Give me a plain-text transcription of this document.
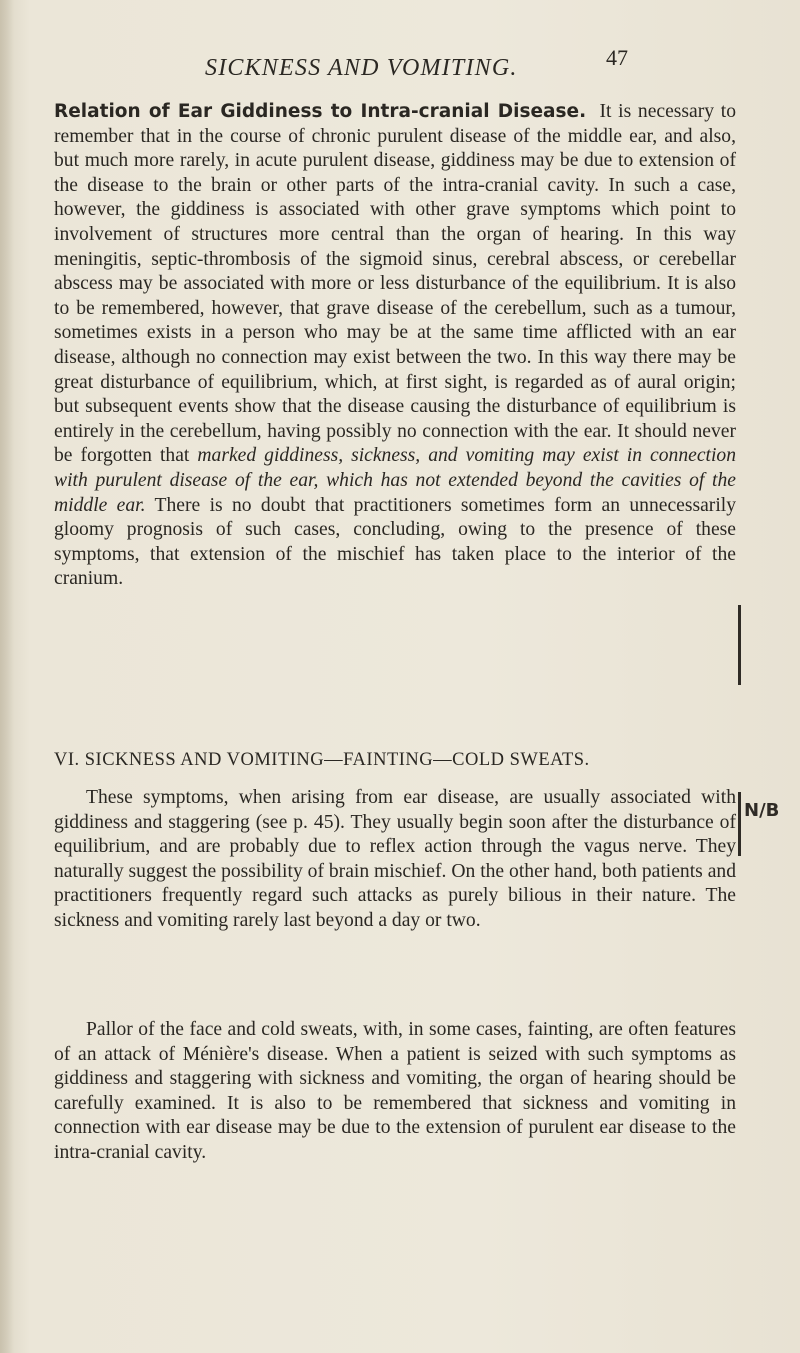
SICKNESS AND VOMITING.	47
Relation of Ear Giddiness to Intra-cranial Disease. It is necessary to remember that in the course of chronic purulent disease of the middle ear, and also, but much more rarely, in acute purulent disease, giddiness may be due to extension of the disease to the brain or other parts of the intra-cranial cavity. In such a case, however, the giddiness is associated with other grave symptoms which point to involvement of structures more central than the organ of hearing. In this way meningitis, septic-thrombosis of the sigmoid sinus, cerebral abscess, or cerebellar abscess may be associated with more or less disturbance of the equilibrium. It is also to be remembered, however, that grave disease of the cerebellum, such as a tumour, sometimes exists in a person who may be at the same time afflicted with an ear disease, although no connection may exist between the two. In this way there may be great disturbance of equilibrium, which, at first sight, is regarded as of aural origin; but subsequent events show that the disease causing the disturbance of equilibrium is entirely in the cerebellum, having possibly no connection with the ear. It should never be forgotten that marked giddiness, sickness, and vomiting may exist in connection with purulent disease of the ear, which has not extended beyond the cavities of the middle ear. There is no doubt that practitioners sometimes form an unnecessarily gloomy prognosis of such cases, concluding, owing to the presence of these symptoms, that extension of the mischief has taken place to the interior of the cranium.
VI. SICKNESS AND VOMITING—FAINTING—COLD SWEATS.
These symptoms, when arising from ear disease, are usually associated with giddiness and staggering (see p. 45). They usually begin soon after the disturbance of equilibrium, and are probably due to reflex action through the vagus nerve. They naturally suggest the possibility of brain mischief. On the other hand, both patients and practitioners frequently regard such attacks as purely bilious in their nature. The sickness and vomiting rarely last beyond a day or two.
N/B
Pallor of the face and cold sweats, with, in some cases, fainting, are often features of an attack of Ménière's disease. When a patient is seized with such symptoms as giddiness and staggering with sickness and vomiting, the organ of hearing should be carefully examined. It is also to be remembered that sickness and vomiting in connection with ear disease may be due to the extension of purulent ear disease to the intra-cranial cavity.
